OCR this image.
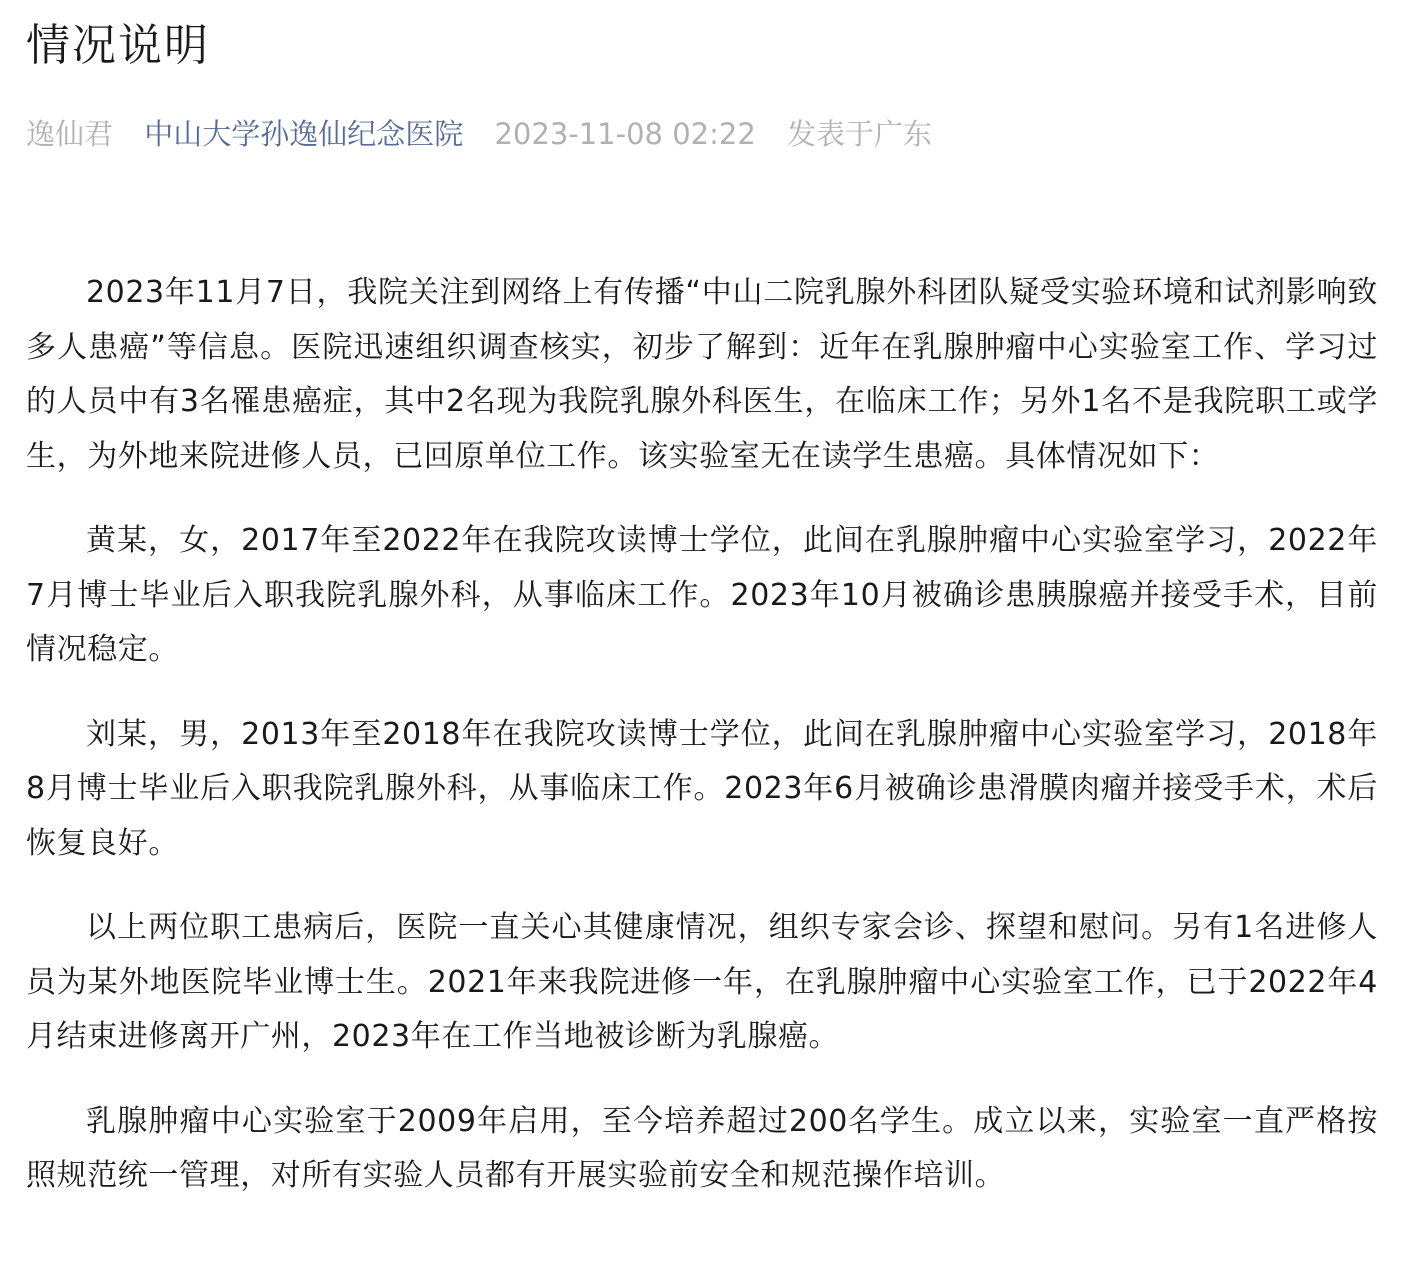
情况说明
逸仙君 中山大学孙逸仙纪念医院 2023-11-08 02:22 发表于广东

2023年11月7日，我院关注到网络上有传播“中山二院乳腺外科团队疑受实验环境和试剂影响致多人患癌”等信息。医院迅速组织调查核实，初步了解到：近年在乳腺肿瘤中心实验室工作、学习过的人员中有3名罹患癌症，其中2名现为我院乳腺外科医生，在临床工作；另外1名不是我院职工或学生，为外地来院进修人员，已回原单位工作。该实验室无在读学生患癌。具体情况如下：

黄某，女，2017年至2022年在我院攻读博士学位，此间在乳腺肿瘤中心实验室学习，2022年7月博士毕业后入职我院乳腺外科，从事临床工作。2023年10月被确诊患胰腺癌并接受手术，目前情况稳定。

刘某，男，2013年至2018年在我院攻读博士学位，此间在乳腺肿瘤中心实验室学习，2018年8月博士毕业后入职我院乳腺外科，从事临床工作。2023年6月被确诊患滑膜肉瘤并接受手术，术后恢复良好。

以上两位职工患病后，医院一直关心其健康情况，组织专家会诊、探望和慰问。另有1名进修人员为某外地医院毕业博士生。2021年来我院进修一年，在乳腺肿瘤中心实验室工作，已于2022年4月结束进修离开广州，2023年在工作当地被诊断为乳腺癌。

乳腺肿瘤中心实验室于2009年启用，至今培养超过200名学生。成立以来，实验室一直严格按照规范统一管理，对所有实验人员都有开展实验前安全和规范操作培训。
